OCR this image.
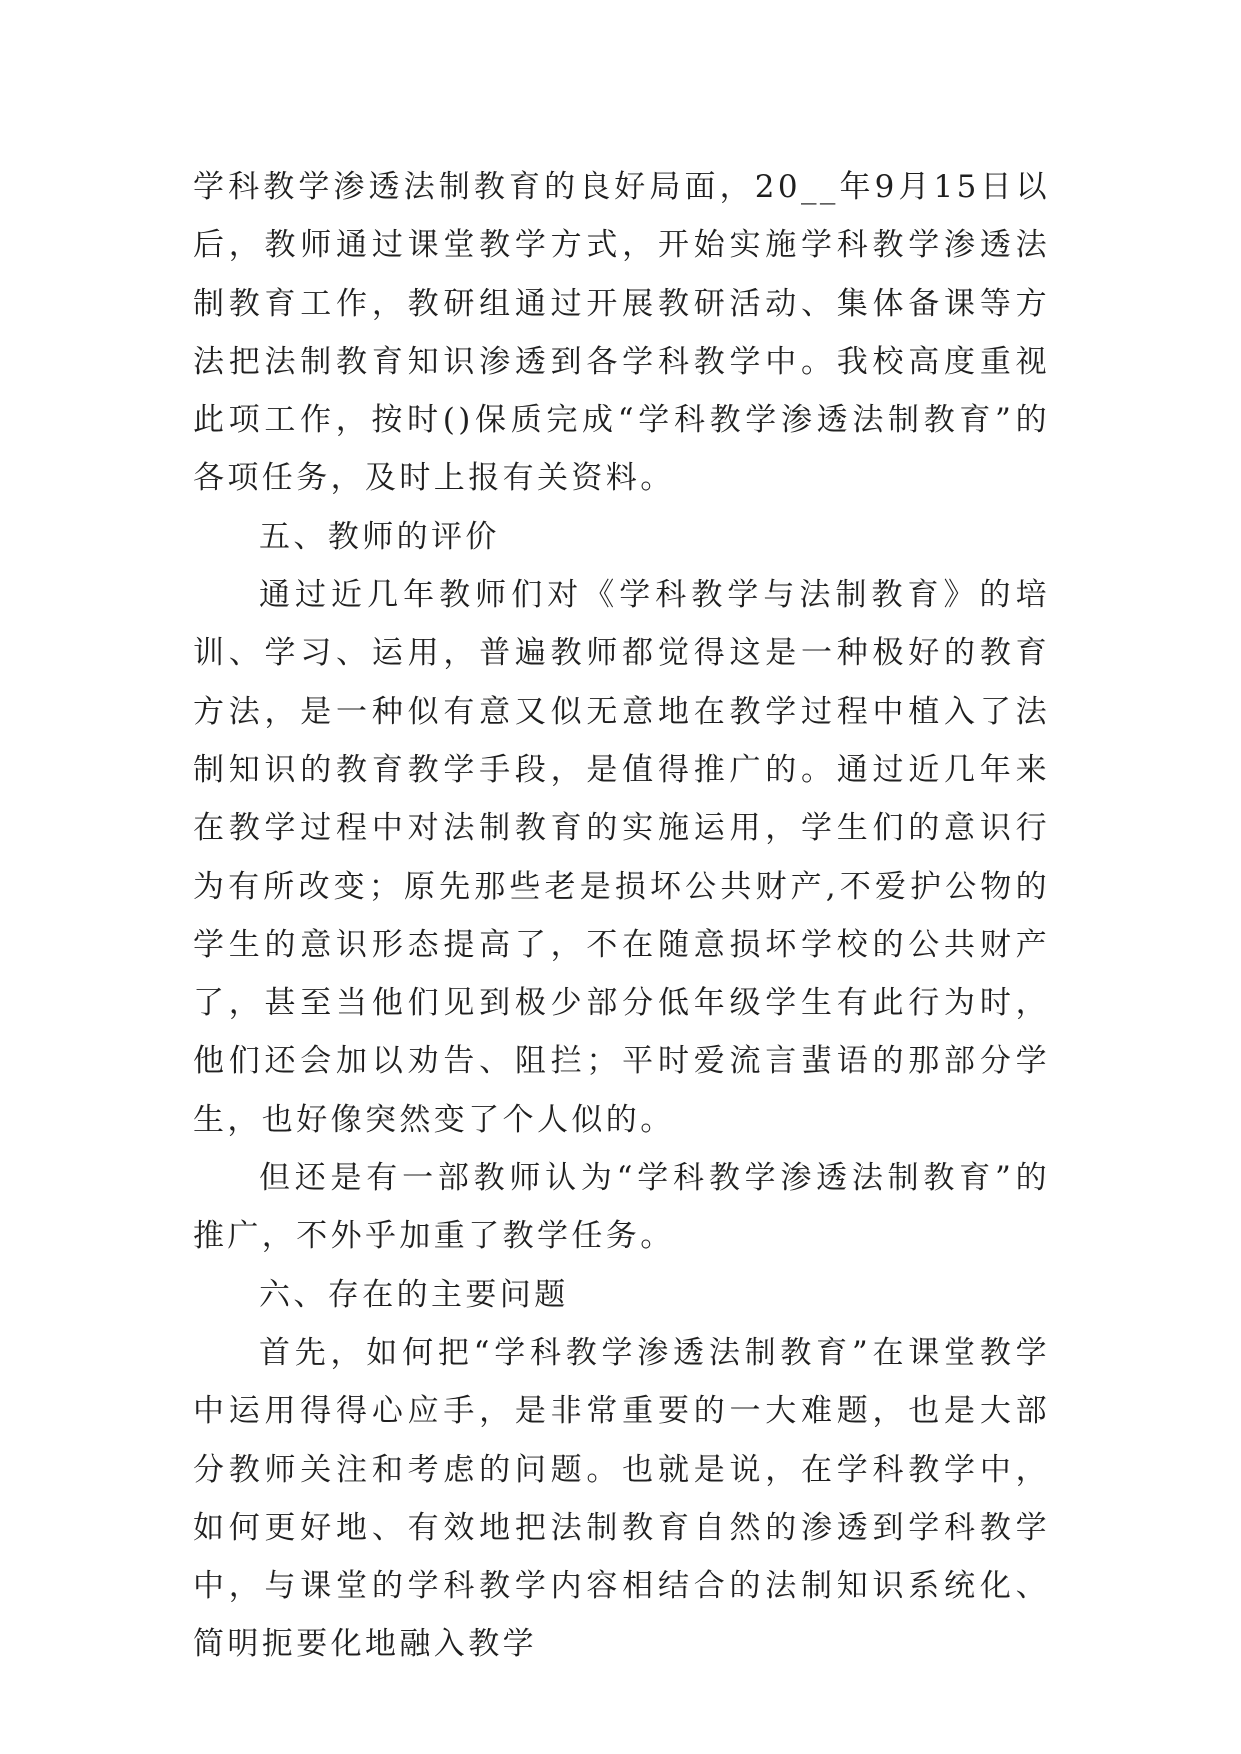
学科教学渗透法制教育的良好局面，20__年9月15日以后，教师通过课堂教学方式，开始实施学科教学渗透法制教育工作，教研组通过开展教研活动、集体备课等方法把法制教育知识渗透到各学科教学中。我校高度重视此项工作，按时()保质完成“学科教学渗透法制教育”的各项任务，及时上报有关资料。

五、教师的评价

通过近几年教师们对《学科教学与法制教育》的培训、学习、运用，普遍教师都觉得这是一种极好的教育方法，是一种似有意又似无意地在教学过程中植入了法制知识的教育教学手段，是值得推广的。通过近几年来在教学过程中对法制教育的实施运用，学生们的意识行为有所改变；原先那些老是损坏公共财产,不爱护公物的学生的意识形态提高了，不在随意损坏学校的公共财产了，甚至当他们见到极少部分低年级学生有此行为时，他们还会加以劝告、阻拦；平时爱流言蜚语的那部分学生，也好像突然变了个人似的。

但还是有一部教师认为“学科教学渗透法制教育”的推广，不外乎加重了教学任务。

六、存在的主要问题

首先，如何把“学科教学渗透法制教育”在课堂教学中运用得得心应手，是非常重要的一大难题，也是大部分教师关注和考虑的问题。也就是说，在学科教学中，如何更好地、有效地把法制教育自然的渗透到学科教学中，与课堂的学科教学内容相结合的法制知识系统化、简明扼要化地融入教学
